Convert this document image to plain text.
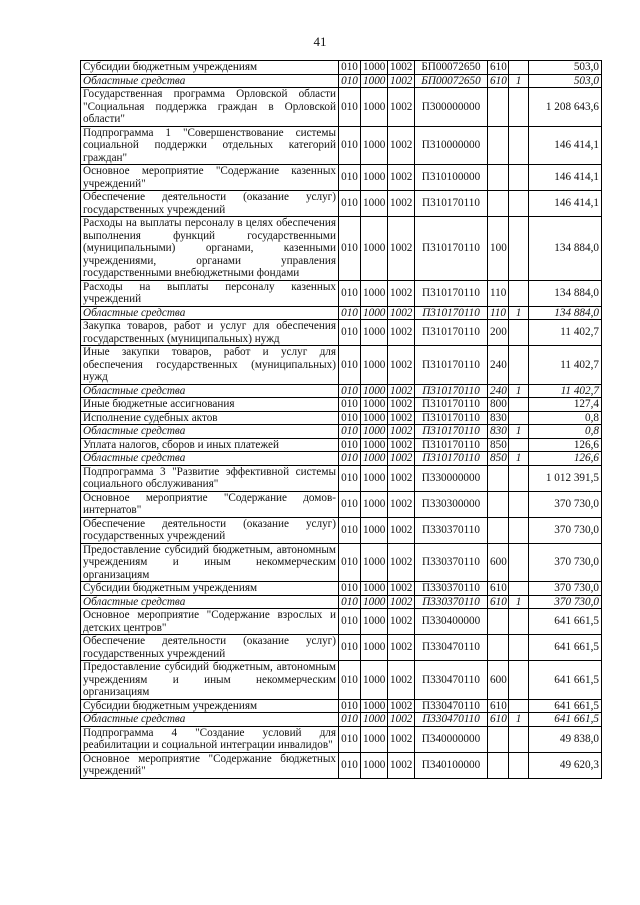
41
Субсидии бюджетным учреждениям	010	1000	1002	БП00072650	610		503,0
Областные средства	010	1000	1002	БП00072650	610	1	503,0
Государственная программа Орловской области "Социальная поддержка граждан в Орловской области"	010	1000	1002	П300000000			1 208 643,6
Подпрограмма 1 "Совершенствование системы социальной поддержки отдельных категорий граждан"	010	1000	1002	П310000000			146 414,1
Основное мероприятие "Содержание казенных учреждений"	010	1000	1002	П310100000			146 414,1
Обеспечение деятельности (оказание услуг) государственных учреждений	010	1000	1002	П310170110			146 414,1
Расходы на выплаты персоналу в целях обеспечения выполнения функций государственными (муниципальными) органами, казенными учреждениями, органами управления государственными внебюджетными фондами	010	1000	1002	П310170110	100		134 884,0
Расходы на выплаты персоналу казенных учреждений	010	1000	1002	П310170110	110		134 884,0
Областные средства	010	1000	1002	П310170110	110	1	134 884,0
Закупка товаров, работ и услуг для обеспечения государственных (муниципальных) нужд	010	1000	1002	П310170110	200		11 402,7
Иные закупки товаров, работ и услуг для обеспечения государственных (муниципальных) нужд	010	1000	1002	П310170110	240		11 402,7
Областные средства	010	1000	1002	П310170110	240	1	11 402,7
Иные бюджетные ассигнования	010	1000	1002	П310170110	800		127,4
Исполнение судебных актов	010	1000	1002	П310170110	830		0,8
Областные средства	010	1000	1002	П310170110	830	1	0,8
Уплата налогов, сборов и иных платежей	010	1000	1002	П310170110	850		126,6
Областные средства	010	1000	1002	П310170110	850	1	126,6
Подпрограмма 3 "Развитие эффективной системы социального обслуживания"	010	1000	1002	П330000000			1 012 391,5
Основное мероприятие "Содержание домов-интернатов"	010	1000	1002	П330300000			370 730,0
Обеспечение деятельности (оказание услуг) государственных учреждений	010	1000	1002	П330370110			370 730,0
Предоставление субсидий бюджетным, автономным учреждениям и иным некоммерческим организациям	010	1000	1002	П330370110	600		370 730,0
Субсидии бюджетным учреждениям	010	1000	1002	П330370110	610		370 730,0
Областные средства	010	1000	1002	П330370110	610	1	370 730,0
Основное мероприятие "Содержание взрослых и детских центров"	010	1000	1002	П330400000			641 661,5
Обеспечение деятельности (оказание услуг) государственных учреждений	010	1000	1002	П330470110			641 661,5
Предоставление субсидий бюджетным, автономным учреждениям и иным некоммерческим организациям	010	1000	1002	П330470110	600		641 661,5
Субсидии бюджетным учреждениям	010	1000	1002	П330470110	610		641 661,5
Областные средства	010	1000	1002	П330470110	610	1	641 661,5
Подпрограмма 4 "Создание условий для реабилитации и социальной интеграции инвалидов"	010	1000	1002	П340000000			49 838,0
Основное мероприятие "Содержание бюджетных учреждений"	010	1000	1002	П340100000			49 620,3
